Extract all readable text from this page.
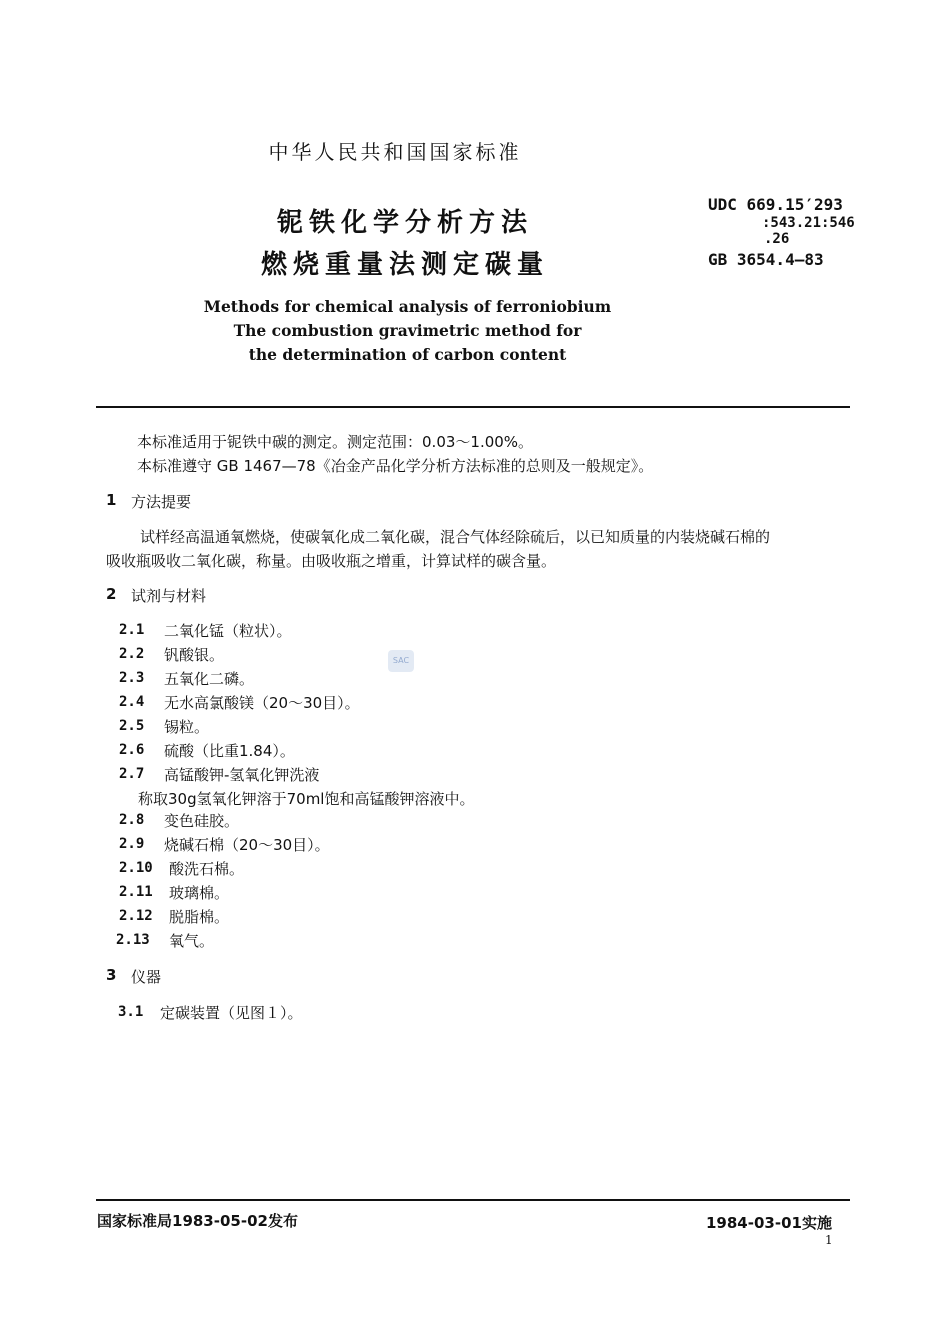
中华人民共和国国家标准
铌铁化学分析方法
燃烧重量法测定碳量
UDC 669.15′293
:543.21:546
.26
GB 3654.4—83
Methods for chemical analysis of ferroniobium
The combustion gravimetric method for
the determination of carbon content
本标准适用于铌铁中碳的测定。测定范围：0.03～1.00%。
本标准遵守 GB 1467—78《冶金产品化学分析方法标准的总则及一般规定》。
1 方法提要
试样经高温通氧燃烧，使碳氧化成二氧化碳，混合气体经除硫后，以已知质量的内装烧碱石棉的
吸收瓶吸收二氧化碳，称量。由吸收瓶之增重，计算试样的碳含量。
2 试剂与材料
SAC
2.1 二氧化锰（粒状）。
2.2 钒酸银。
2.3 五氧化二磷。
2.4 无水高氯酸镁（20～30目）。
2.5 锡粒。
2.6 硫酸（比重1.84）。
2.7 高锰酸钾-氢氧化钾洗液
称取30g氢氧化钾溶于70ml饱和高锰酸钾溶液中。
2.8 变色硅胶。
2.9 烧碱石棉（20～30目）。
2.10 酸洗石棉。
2.11 玻璃棉。
2.12 脱脂棉。
2.13 氧气。
3 仪器
3.1 定碳装置（见图１）。
国家标准局1983-05-02发布	1984-03-01实施
1
